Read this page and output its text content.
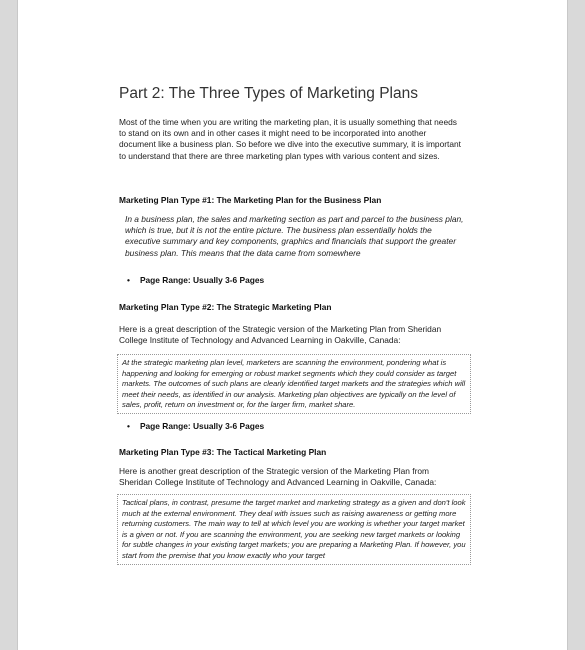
Part 2: The Three Types of Marketing Plans

Most of the time when you are writing the marketing plan, it is usually something that needs to stand on its own and in other cases it might need to be incorporated into another document like a business plan. So before we dive into the executive summary, it is important to understand that there are three marketing plan types with various content and sizes.

Marketing Plan Type #1: The Marketing Plan for the Business Plan

In a business plan, the sales and marketing section as part and parcel to the business plan, which is true, but it is not the entire picture. The business plan essentially holds the executive summary and key components, graphics and financials that support the greater business plan. This means that the data came from somewhere

• Page Range: Usually 3-6 Pages

Marketing Plan Type #2: The Strategic Marketing Plan

Here is a great description of the Strategic version of the Marketing Plan from Sheridan College Institute of Technology and Advanced Learning in Oakville, Canada:

At the strategic marketing plan level, marketers are scanning the environment, pondering what is happening and looking for emerging or robust market segments which they could consider as target markets. The outcomes of such plans are clearly identified target markets and the strategies which will meet their needs, as identified in our analysis. Marketing plan objectives are typically on the level of sales, profit, return on investment or, for the larger firm, market share.

• Page Range: Usually 3-6 Pages

Marketing Plan Type #3: The Tactical Marketing Plan

Here is another great description of the Strategic version of the Marketing Plan from Sheridan College Institute of Technology and Advanced Learning in Oakville, Canada:

Tactical plans, in contrast, presume the target market and marketing strategy as a given and don't look much at the external environment. They deal with issues such as raising awareness or getting more returning customers. The main way to tell at which level you are working is whether your target market is a given or not. If you are scanning the environment, you are seeking new target markets or looking for subtle changes in your existing target markets; you are preparing a Marketing Plan. If however, you start from the premise that you know exactly who your target
